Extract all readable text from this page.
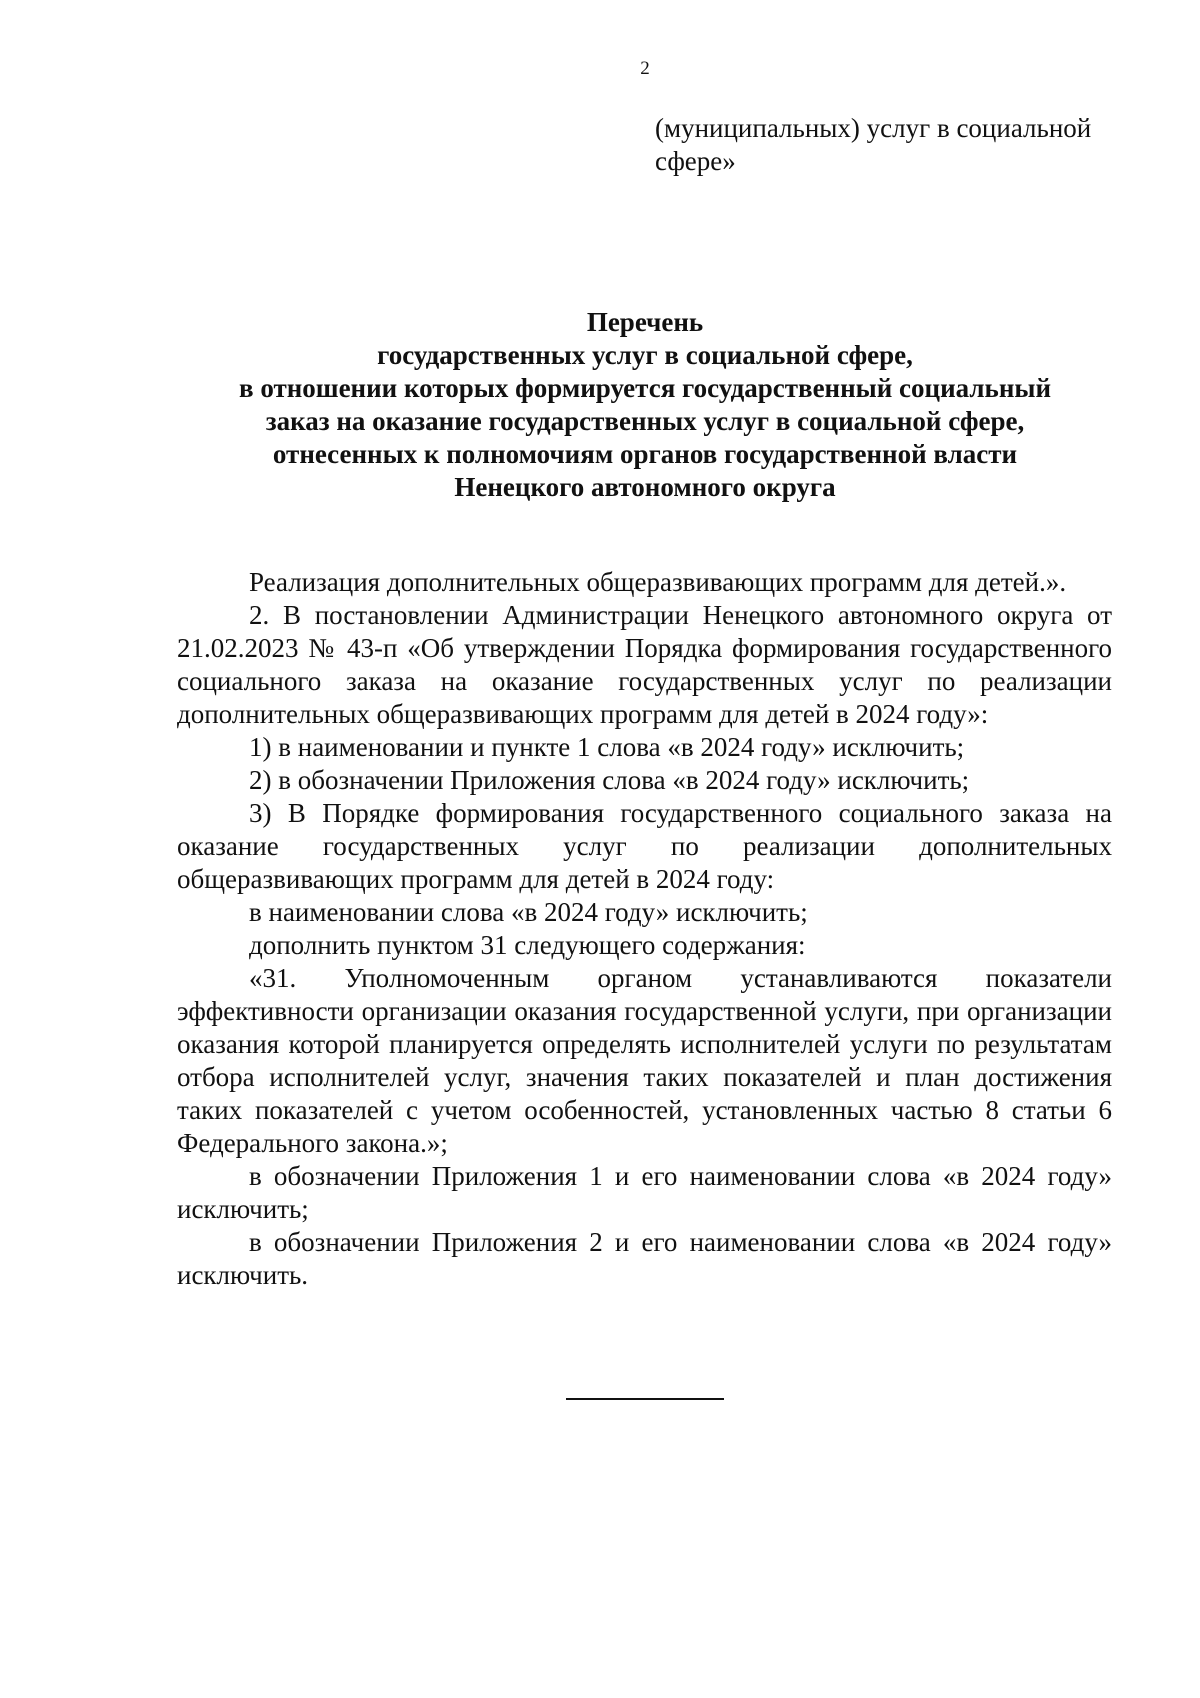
2
(муниципальных) услуг в социальной
сфере»
Перечень
государственных услуг в социальной сфере,
в отношении которых формируется государственный социальный
заказ на оказание государственных услуг в социальной сфере,
отнесенных к полномочиям органов государственной власти
Ненецкого автономного округа

Реализация дополнительных общеразвивающих программ для детей.».

2. В постановлении Администрации Ненецкого автономного округа от 21.02.2023 № 43-п «Об утверждении Порядка формирования государственного социального заказа на оказание государственных услуг по реализации дополнительных общеразвивающих программ для детей в 2024 году»:

1) в наименовании и пункте 1 слова «в 2024 году» исключить;

2) в обозначении Приложения слова «в 2024 году» исключить;

3) В Порядке формирования государственного социального заказа на оказание государственных услуг по реализации дополнительных общеразвивающих программ для детей в 2024 году:

в наименовании слова «в 2024 году» исключить;

дополнить пунктом 31 следующего содержания:

«31. Уполномоченным органом устанавливаются показатели эффективности организации оказания государственной услуги, при организации оказания которой планируется определять исполнителей услуги по результатам отбора исполнителей услуг, значения таких показателей и план достижения таких показателей с учетом особенностей, установленных частью 8 статьи 6 Федерального закона.»;

в обозначении Приложения 1 и его наименовании слова «в 2024 году» исключить;

в обозначении Приложения 2 и его наименовании слова «в 2024 году» исключить.
